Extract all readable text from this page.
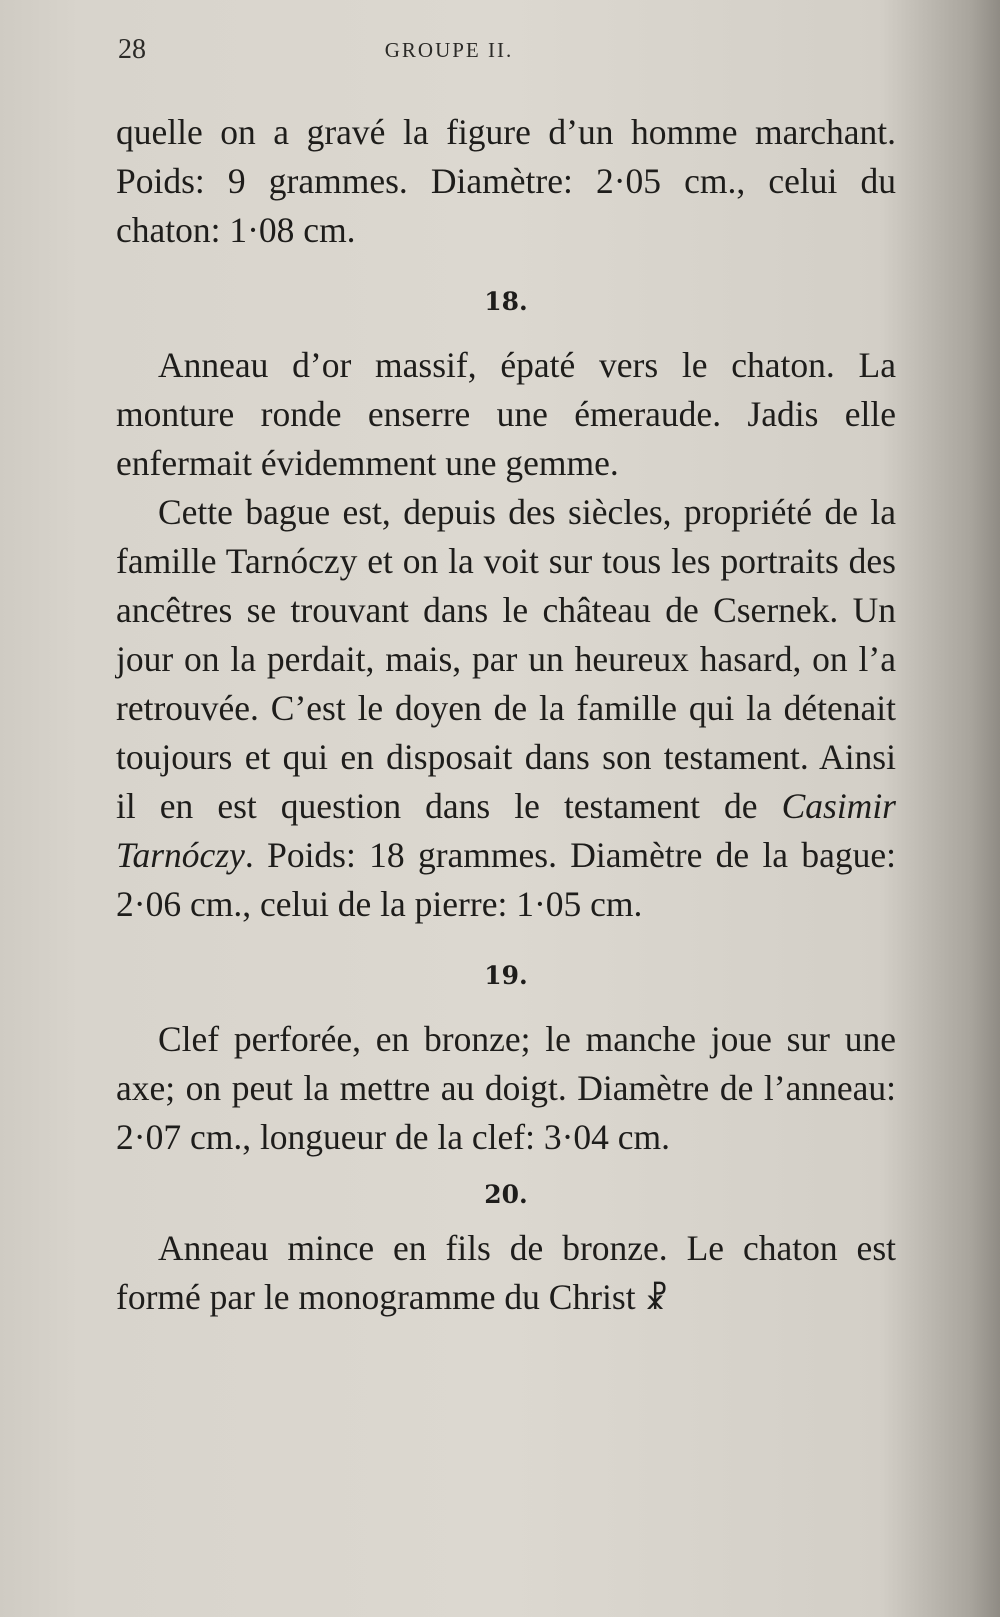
28	GROUPE II.

quelle on a gravé la figure d’un homme marchant. Poids: 9 grammes. Diamètre: 2·05 cm., celui du chaton: 1·08 cm.

18.

Anneau d’or massif, épaté vers le chaton. La monture ronde enserre une émeraude. Jadis elle enfermait évidemment une gemme.

Cette bague est, depuis des siècles, propriété de la famille Tarnóczy et on la voit sur tous les portraits des ancêtres se trouvant dans le château de Csernek. Un jour on la perdait, mais, par un heureux hasard, on l’a retrouvée. C’est le doyen de la famille qui la détenait toujours et qui en disposait dans son testament. Ainsi il en est question dans le testament de Casimir Tarnóczy. Poids: 18 grammes. Diamètre de la bague: 2·06 cm., celui de la pierre: 1·05 cm.

19.

Clef perforée, en bronze; le manche joue sur une axe; on peut la mettre au doigt. Diamètre de l’anneau: 2·07 cm., longueur de la clef: 3·04 cm.

20.

Anneau mince en fils de bronze. Le chaton est formé par le monogramme du Christ ☧
